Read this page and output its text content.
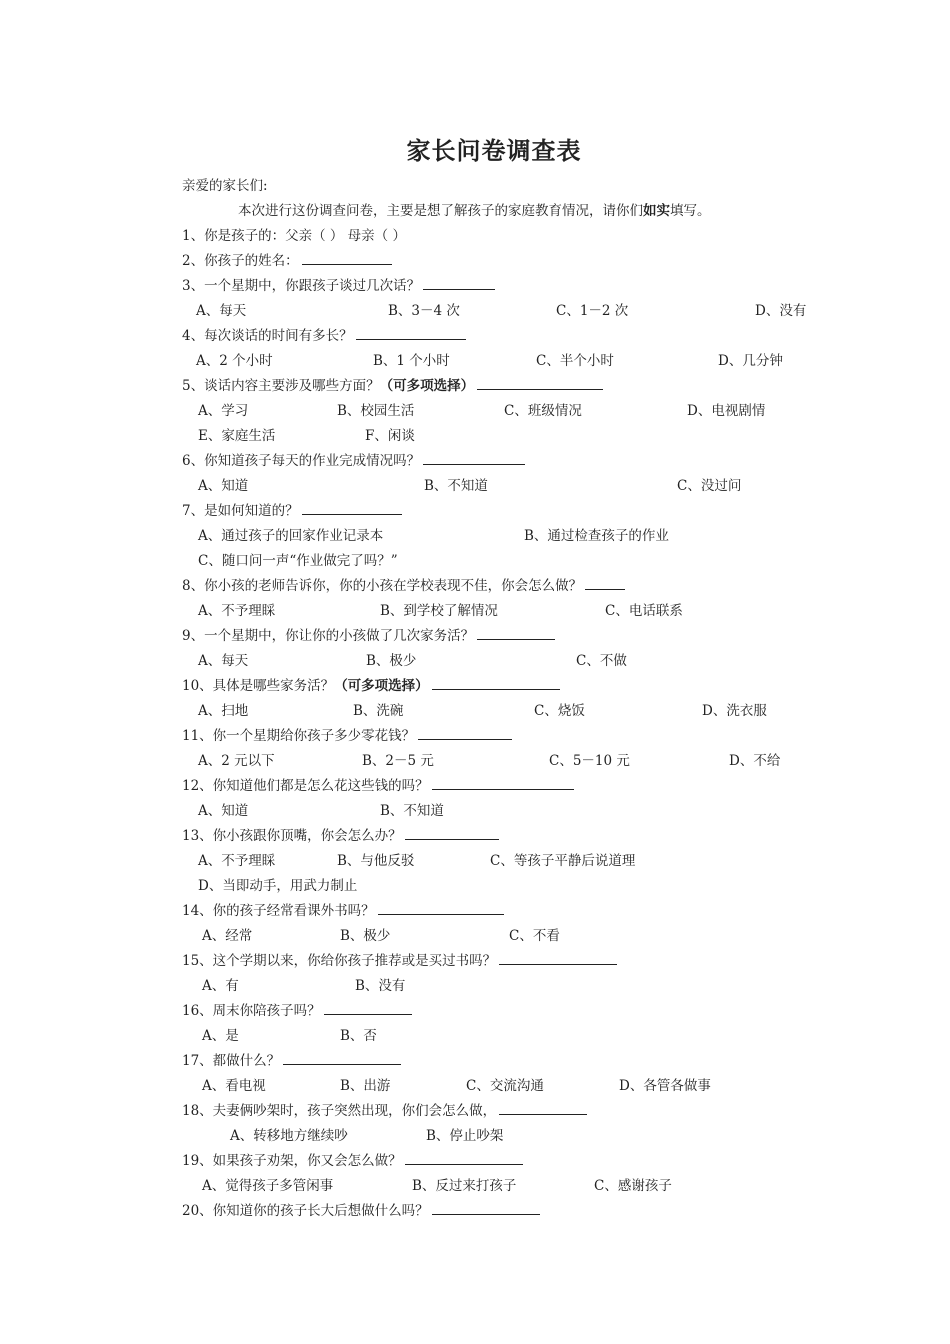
家长问卷调查表
亲爱的家长们:
本次进行这份调查问卷，主要是想了解孩子的家庭教育情况，请你们如实填写。
1、你是孩子的：父亲（ ） 母亲（ ）
2、你孩子的姓名：
3、一个星期中，你跟孩子谈过几次话？
A、每天	B、3－4 次	C、1－2 次	D、没有
4、每次谈话的时间有多长？
A、2 个小时	B、1 个小时	C、半个小时	D、几分钟
5、谈话内容主要涉及哪些方面？（可多项选择）
A、学习	B、校园生活	C、班级情况	D、电视剧情
E、家庭生活	F、闲谈
6、你知道孩子每天的作业完成情况吗？
A、知道	B、不知道	C、没过问
7、是如何知道的？
A、通过孩子的回家作业记录本	B、通过检查孩子的作业
C、随口问一声“作业做完了吗？”
8、你小孩的老师告诉你，你的小孩在学校表现不佳，你会怎么做？
A、不予理睬	B、到学校了解情况	C、电话联系
9、一个星期中，你让你的小孩做了几次家务活？
A、每天	B、极少	C、不做
10、具体是哪些家务活？（可多项选择）
A、扫地	B、洗碗	C、烧饭	D、洗衣服
11、你一个星期给你孩子多少零花钱？
A、2 元以下	B、2－5 元	C、5－10 元	D、不给
12、你知道他们都是怎么花这些钱的吗？
A、知道	B、不知道
13、你小孩跟你顶嘴，你会怎么办？
A、不予理睬	B、与他反驳	C、等孩子平静后说道理
D、当即动手，用武力制止
14、你的孩子经常看课外书吗？
A、经常	B、极少	C、不看
15、这个学期以来，你给你孩子推荐或是买过书吗？
A、有	B、没有
16、周末你陪孩子吗？
A、是	B、否
17、都做什么？
A、看电视	B、出游	C、交流沟通	D、各管各做事
18、夫妻俩吵架时，孩子突然出现，你们会怎么做，
A、转移地方继续吵	B、停止吵架
19、如果孩子劝架，你又会怎么做？
A、觉得孩子多管闲事	B、反过来打孩子	C、感谢孩子
20、你知道你的孩子长大后想做什么吗？
